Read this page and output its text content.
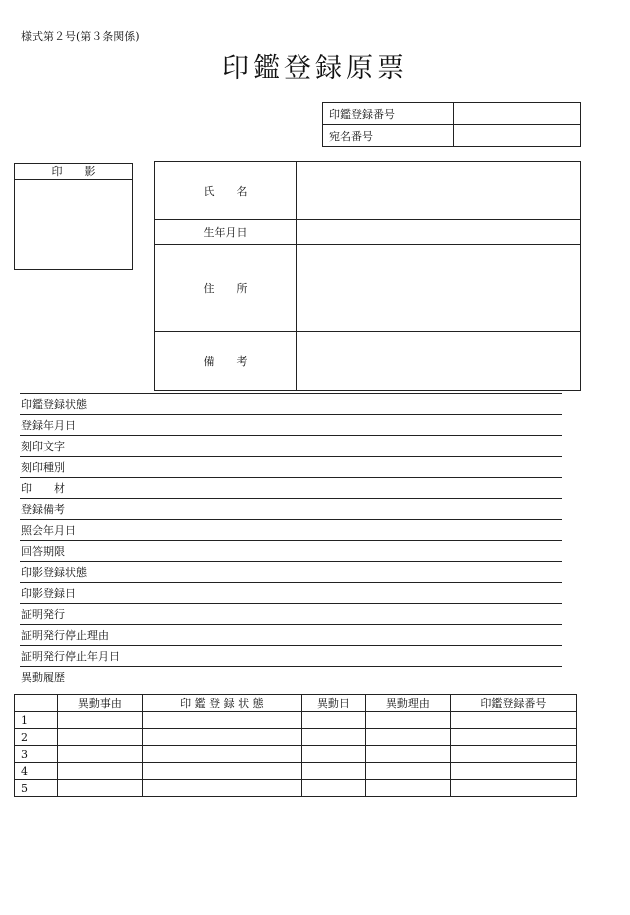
様式第２号(第３条関係)
印鑑登録原票
印鑑登録番号	
宛名番号	
印　　影
氏　　名	
生年月日	
住　　所	
備　　考	
印鑑登録状態
登録年月日
刻印文字
刻印種別
印　　材
登録備考
照会年月日
回答期限
印影登録状態
印影登録日
証明発行
証明発行停止理由
証明発行停止年月日
異動履歴
	異動事由	印 鑑 登 録 状 態	異動日	異動理由	印鑑登録番号
1					
2					
3					
4					
5					
